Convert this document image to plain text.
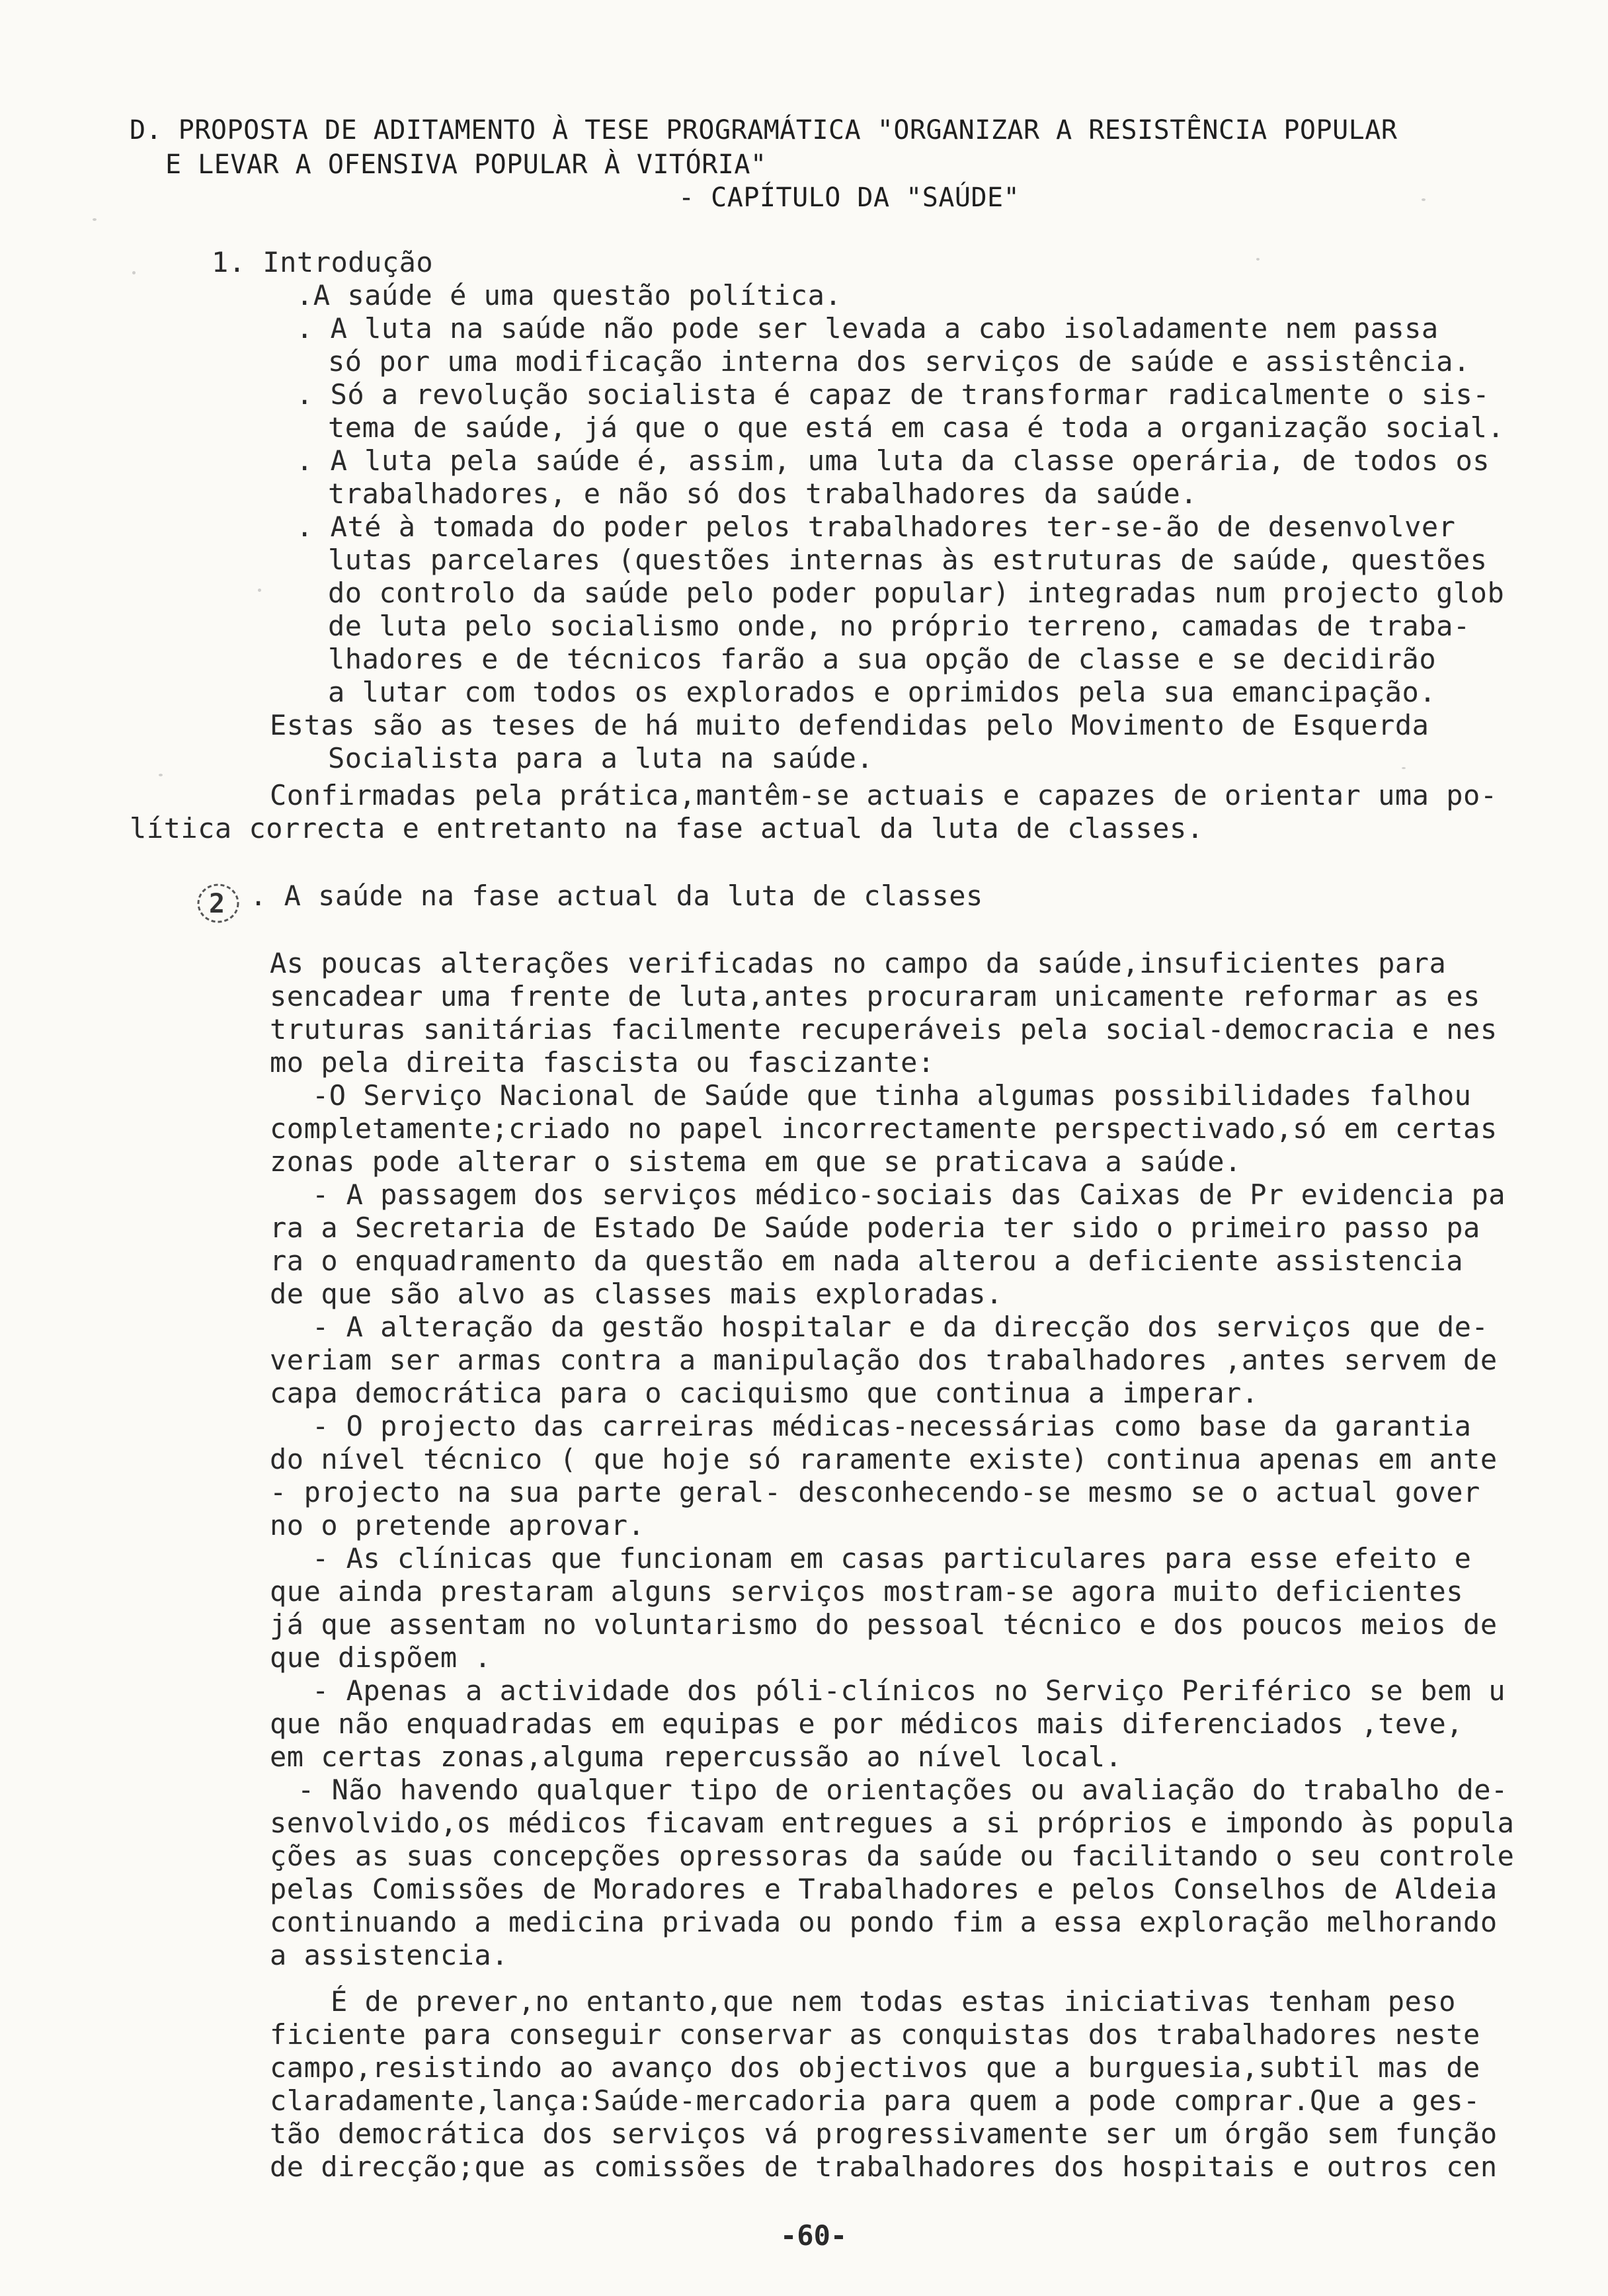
D. PROPOSTA DE ADITAMENTO À TESE PROGRAMÁTICA "ORGANIZAR A RESISTÊNCIA POPULAR
E LEVAR A OFENSIVA POPULAR À VITÓRIA"
- CAPÍTULO DA "SAÚDE"
1. Introdução
.A saúde é uma questão política.
. A luta na saúde não pode ser levada a cabo isoladamente nem passa
só por uma modificação interna dos serviços de saúde e assistência.
. Só a revolução socialista é capaz de transformar radicalmente o sis-
tema de saúde, já que o que está em casa é toda a organização social.
. A luta pela saúde é, assim, uma luta da classe operária, de todos os
trabalhadores, e não só dos trabalhadores da saúde.
. Até à tomada do poder pelos trabalhadores ter-se-ão de desenvolver
lutas parcelares (questões internas às estruturas de saúde, questões
do controlo da saúde pelo poder popular) integradas num projecto glob
de luta pelo socialismo onde, no próprio terreno, camadas de traba-
lhadores e de técnicos farão a sua opção de classe e se decidirão
a lutar com todos os explorados e oprimidos pela sua emancipação.
Estas são as teses de há muito defendidas pelo Movimento de Esquerda
Socialista para a luta na saúde.
Confirmadas pela prática,mantêm-se actuais e capazes de orientar uma po-
lítica correcta e entretanto na fase actual da luta de classes.
2 . A saúde na fase actual da luta de classes
As poucas alterações verificadas no campo da saúde,insuficientes para
sencadear uma frente de luta,antes procuraram unicamente reformar as es
truturas sanitárias facilmente recuperáveis pela social-democracia e nes
mo pela direita fascista ou fascizante:
-O Serviço Nacional de Saúde que tinha algumas possibilidades falhou
completamente;criado no papel incorrectamente perspectivado,só em certas
zonas pode alterar o sistema em que se praticava a saúde.
- A passagem dos serviços médico-sociais das Caixas de Pr evidencia pa
ra a Secretaria de Estado De Saúde poderia ter sido o primeiro passo pa
ra o enquadramento da questão em nada alterou a deficiente assistencia
de que são alvo as classes mais exploradas.
- A alteração da gestão hospitalar e da direcção dos serviços que de-
veriam ser armas contra a manipulação dos trabalhadores ,antes servem de
capa democrática para o caciquismo que continua a imperar.
- O projecto das carreiras médicas-necessárias como base da garantia
do nível técnico ( que hoje só raramente existe) continua apenas em ante
- projecto na sua parte geral- desconhecendo-se mesmo se o actual gover
no o pretende aprovar.
- As clínicas que funcionam em casas particulares para esse efeito e
que ainda prestaram alguns serviços mostram-se agora muito deficientes
já que assentam no voluntarismo do pessoal técnico e dos poucos meios de
que dispõem .
- Apenas a actividade dos póli-clínicos no Serviço Periférico se bem u
que não enquadradas em equipas e por médicos mais diferenciados ,teve,
em certas zonas,alguma repercussão ao nível local.
- Não havendo qualquer tipo de orientações ou avaliação do trabalho de-
senvolvido,os médicos ficavam entregues a si próprios e impondo às popula
ções as suas concepções opressoras da saúde ou facilitando o seu controle
pelas Comissões de Moradores e Trabalhadores e pelos Conselhos de Aldeia
continuando a medicina privada ou pondo fim a essa exploração melhorando
a assistencia.
É de prever,no entanto,que nem todas estas iniciativas tenham peso
ficiente para conseguir conservar as conquistas dos trabalhadores neste
campo,resistindo ao avanço dos objectivos que a burguesia,subtil mas de
claradamente,lança:Saúde-mercadoria para quem a pode comprar.Que a ges-
tão democrática dos serviços vá progressivamente ser um órgão sem função
de direcção;que as comissões de trabalhadores dos hospitais e outros cen
-60-
